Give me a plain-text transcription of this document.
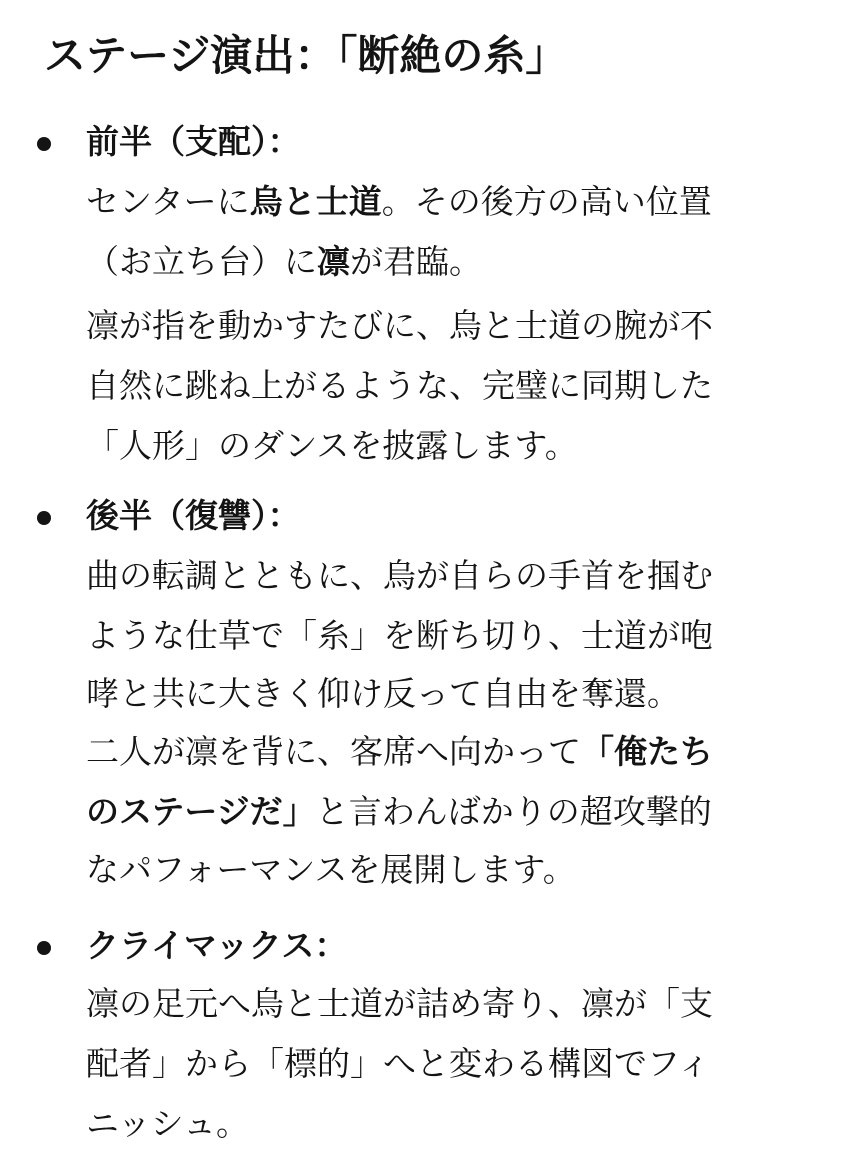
ステージ演出：「断絶の糸」
前半（支配）：
センターに烏と士道。その後方の高い位置
（お立ち台）に凛が君臨。
凛が指を動かすたびに、烏と士道の腕が不
自然に跳ね上がるような、完璧に同期した
「人形」のダンスを披露します。
後半（復讐）：
曲の転調とともに、烏が自らの手首を掴む
ような仕草で「糸」を断ち切り、士道が咆
哮と共に大きく仰け反って自由を奪還。
二人が凛を背に、客席へ向かって「俺たち
のステージだ」と言わんばかりの超攻撃的
なパフォーマンスを展開します。
クライマックス：
凛の足元へ烏と士道が詰め寄り、凛が「支
配者」から「標的」へと変わる構図でフィ
ニッシュ。
